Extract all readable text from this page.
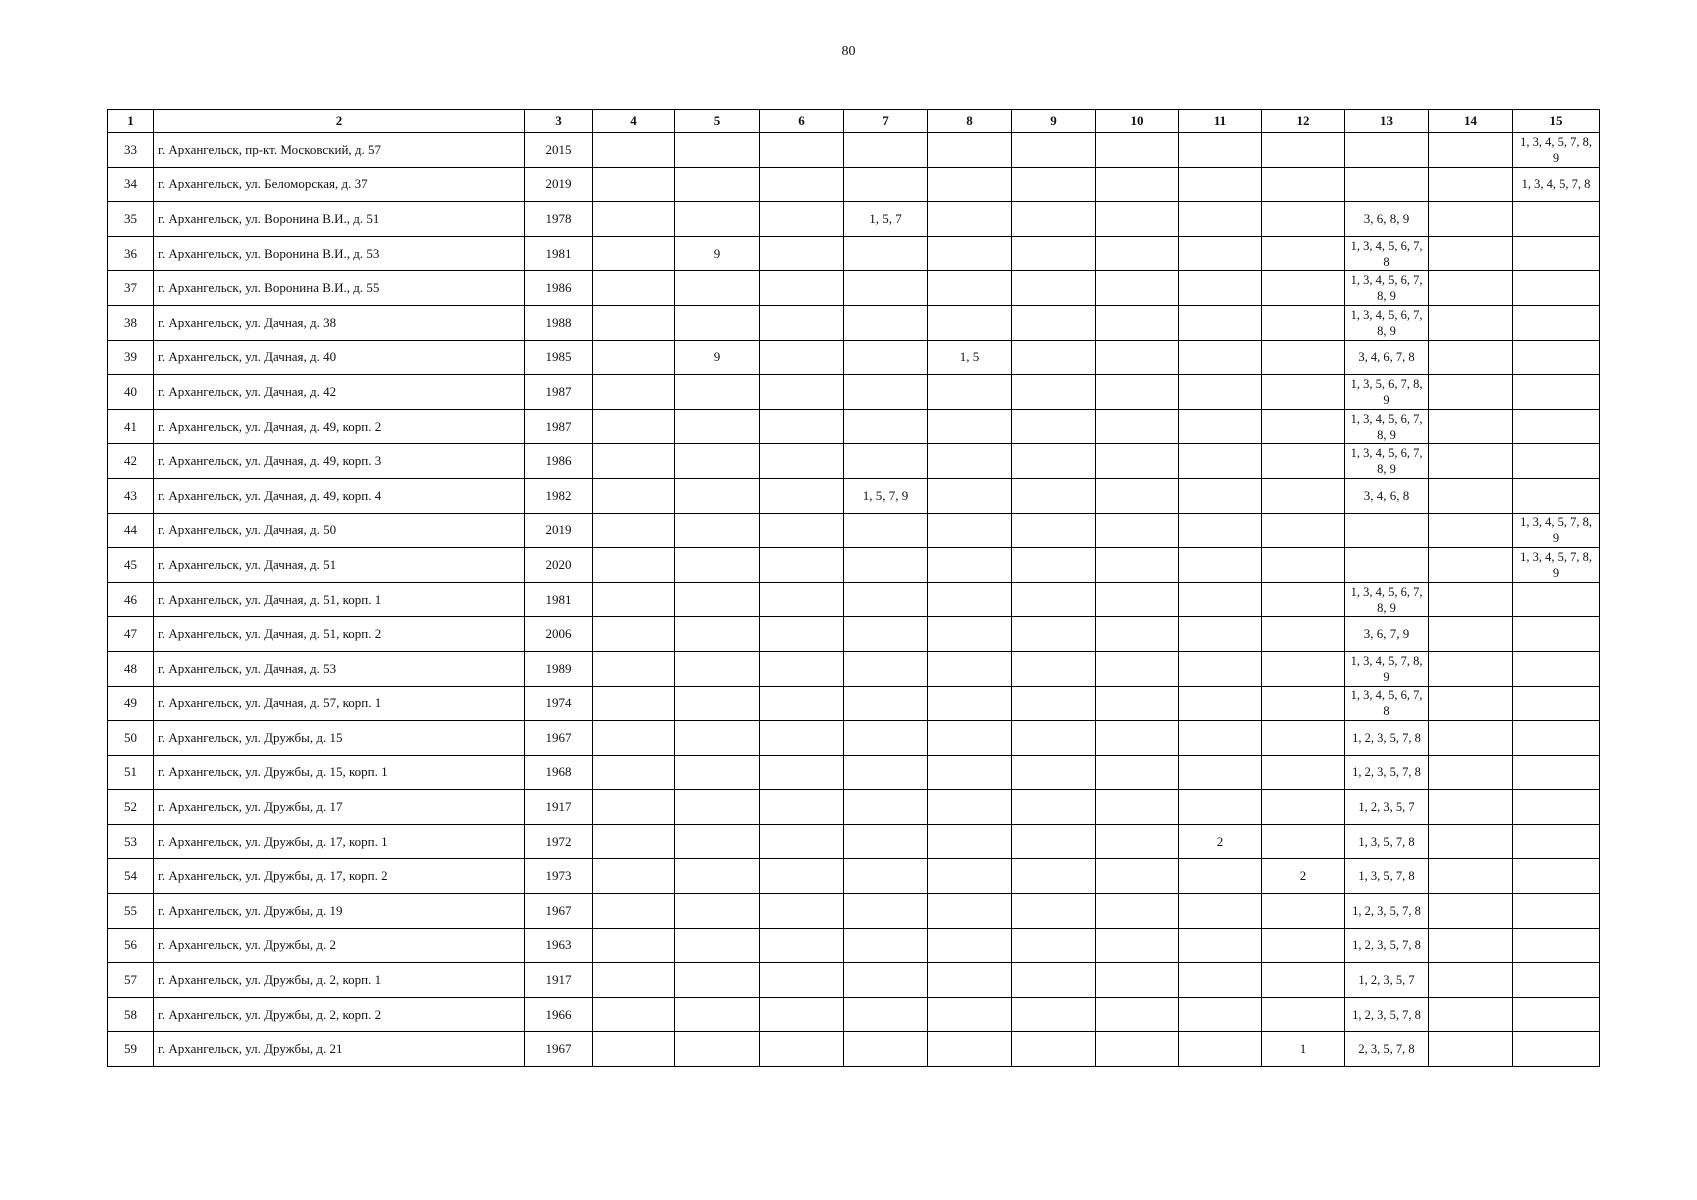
80
1	2	3	4	5	6	7	8	9	10	11	12	13	14	15
33	г. Архангельск, пр-кт. Московский, д. 57	2015												1, 3, 4, 5, 7, 8, 9
34	г. Архангельск, ул. Беломорская, д. 37	2019												1, 3, 4, 5, 7, 8
35	г. Архангельск, ул. Воронина В.И., д. 51	1978				1, 5, 7						3, 6, 8, 9		
36	г. Архангельск, ул. Воронина В.И., д. 53	1981		9								1, 3, 4, 5, 6, 7, 8		
37	г. Архангельск, ул. Воронина В.И., д. 55	1986										1, 3, 4, 5, 6, 7, 8, 9		
38	г. Архангельск, ул. Дачная, д. 38	1988										1, 3, 4, 5, 6, 7, 8, 9		
39	г. Архангельск, ул. Дачная, д. 40	1985		9			1, 5					3, 4, 6, 7, 8		
40	г. Архангельск, ул. Дачная, д. 42	1987										1, 3, 5, 6, 7, 8, 9		
41	г. Архангельск, ул. Дачная, д. 49, корп. 2	1987										1, 3, 4, 5, 6, 7, 8, 9		
42	г. Архангельск, ул. Дачная, д. 49, корп. 3	1986										1, 3, 4, 5, 6, 7, 8, 9		
43	г. Архангельск, ул. Дачная, д. 49, корп. 4	1982				1, 5, 7, 9						3, 4, 6, 8		
44	г. Архангельск, ул. Дачная, д. 50	2019												1, 3, 4, 5, 7, 8, 9
45	г. Архангельск, ул. Дачная, д. 51	2020												1, 3, 4, 5, 7, 8, 9
46	г. Архангельск, ул. Дачная, д. 51, корп. 1	1981										1, 3, 4, 5, 6, 7, 8, 9		
47	г. Архангельск, ул. Дачная, д. 51, корп. 2	2006										3, 6, 7, 9		
48	г. Архангельск, ул. Дачная, д. 53	1989										1, 3, 4, 5, 7, 8, 9		
49	г. Архангельск, ул. Дачная, д. 57, корп. 1	1974										1, 3, 4, 5, 6, 7, 8		
50	г. Архангельск, ул. Дружбы, д. 15	1967										1, 2, 3, 5, 7, 8		
51	г. Архангельск, ул. Дружбы, д. 15, корп. 1	1968										1, 2, 3, 5, 7, 8		
52	г. Архангельск, ул. Дружбы, д. 17	1917										1, 2, 3, 5, 7		
53	г. Архангельск, ул. Дружбы, д. 17, корп. 1	1972								2		1, 3, 5, 7, 8		
54	г. Архангельск, ул. Дружбы, д. 17, корп. 2	1973									2	1, 3, 5, 7, 8		
55	г. Архангельск, ул. Дружбы, д. 19	1967										1, 2, 3, 5, 7, 8		
56	г. Архангельск, ул. Дружбы, д. 2	1963										1, 2, 3, 5, 7, 8		
57	г. Архангельск, ул. Дружбы, д. 2, корп. 1	1917										1, 2, 3, 5, 7		
58	г. Архангельск, ул. Дружбы, д. 2, корп. 2	1966										1, 2, 3, 5, 7, 8		
59	г. Архангельск, ул. Дружбы, д. 21	1967									1	2, 3, 5, 7, 8		
